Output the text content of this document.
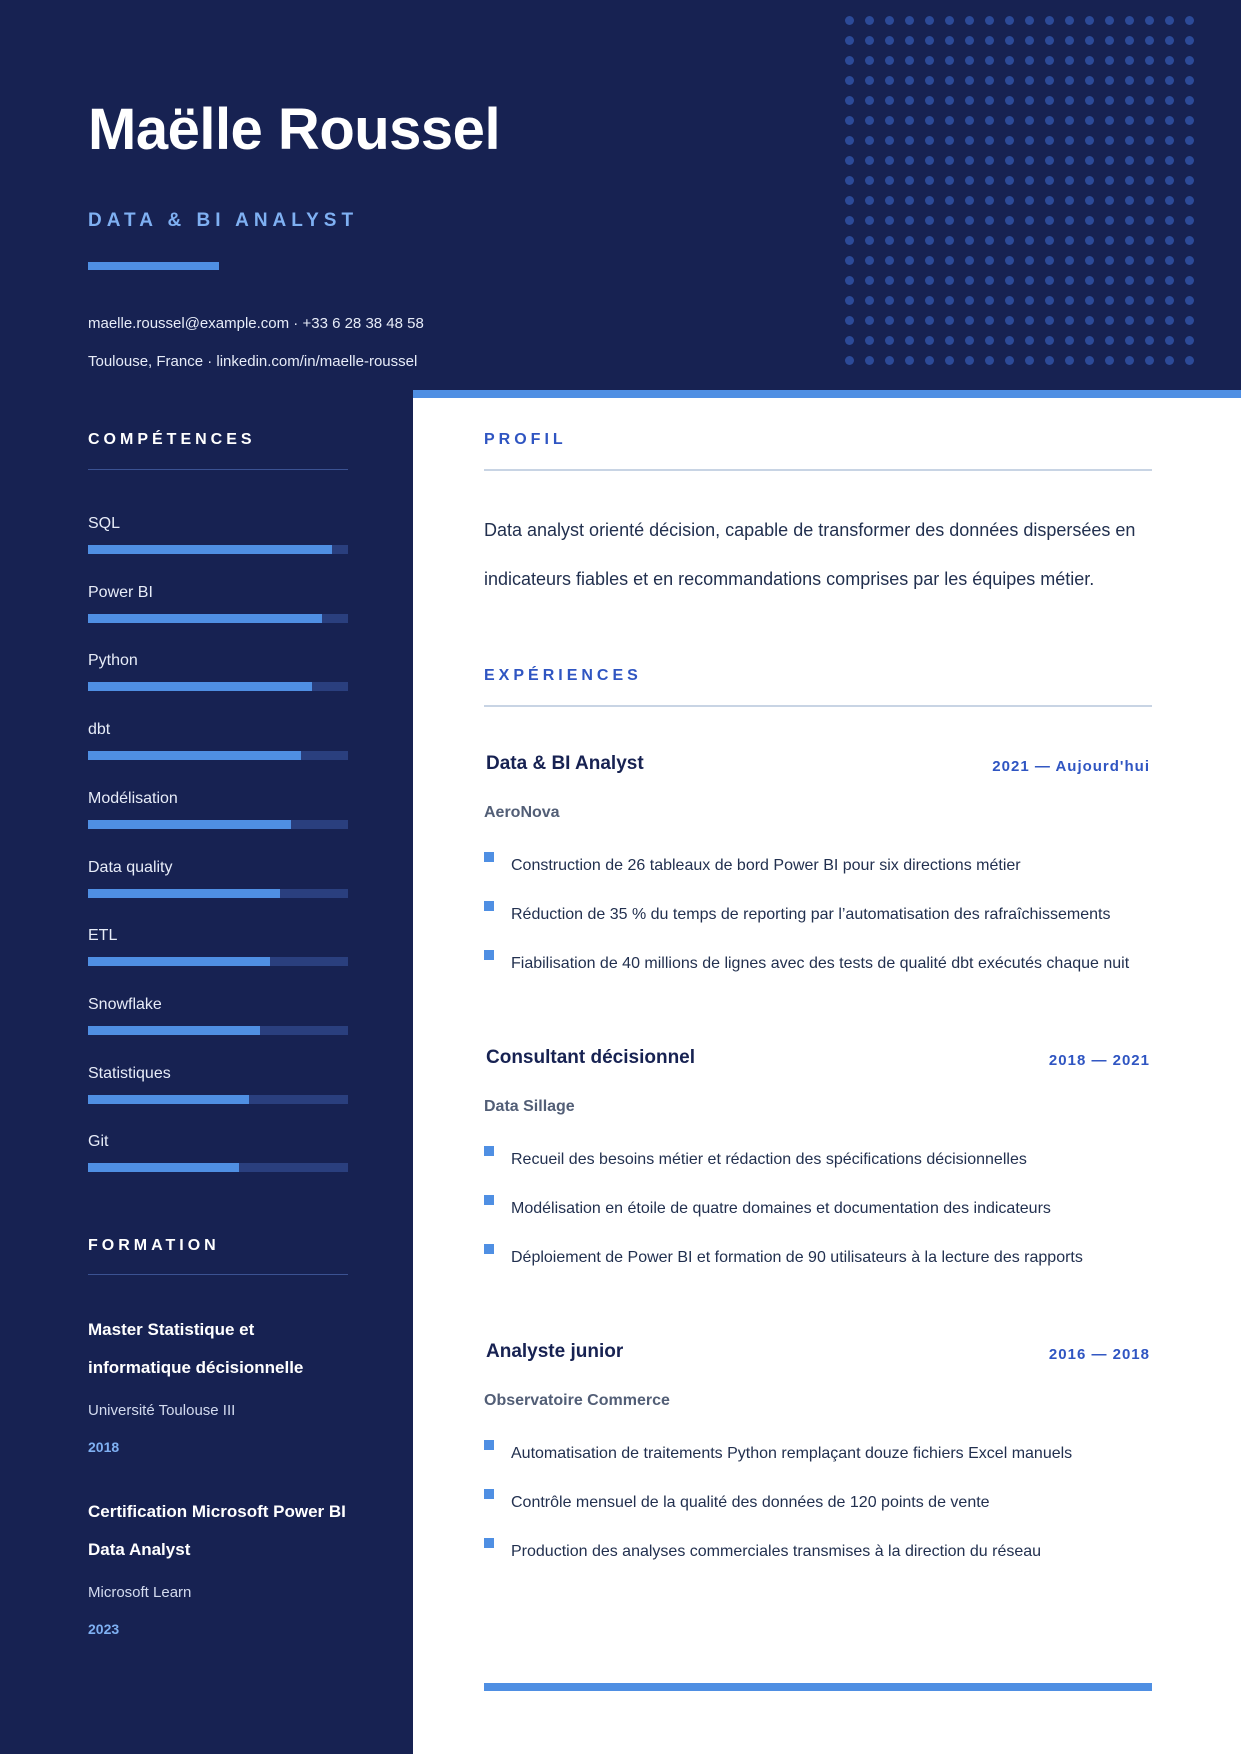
Maëlle Roussel
DATA & BI ANALYST
maelle.roussel@example.com · +33 6 28 38 48 58
Toulouse, France · linkedin.com/in/maelle-roussel
COMPÉTENCES
SQL
Power BI
Python
dbt
Modélisation
Data quality
ETL
Snowflake
Statistiques
Git
FORMATION
Master Statistique et informatique décisionnelle
Université Toulouse III
2018
Certification Microsoft Power BI Data Analyst
Microsoft Learn
2023
PROFIL

Data analyst orienté décision, capable de transformer des données dispersées en indicateurs fiables et en recommandations comprises par les équipes métier.

EXPÉRIENCES
Data & BI Analyst	2021 — Aujourd'hui
AeroNova
Construction de 26 tableaux de bord Power BI pour six directions métier
Réduction de 35 % du temps de reporting par l’automatisation des rafraîchissements
Fiabilisation de 40 millions de lignes avec des tests de qualité dbt exécutés chaque nuit
Consultant décisionnel	2018 — 2021
Data Sillage
Recueil des besoins métier et rédaction des spécifications décisionnelles
Modélisation en étoile de quatre domaines et documentation des indicateurs
Déploiement de Power BI et formation de 90 utilisateurs à la lecture des rapports
Analyste junior	2016 — 2018
Observatoire Commerce
Automatisation de traitements Python remplaçant douze fichiers Excel manuels
Contrôle mensuel de la qualité des données de 120 points de vente
Production des analyses commerciales transmises à la direction du réseau
